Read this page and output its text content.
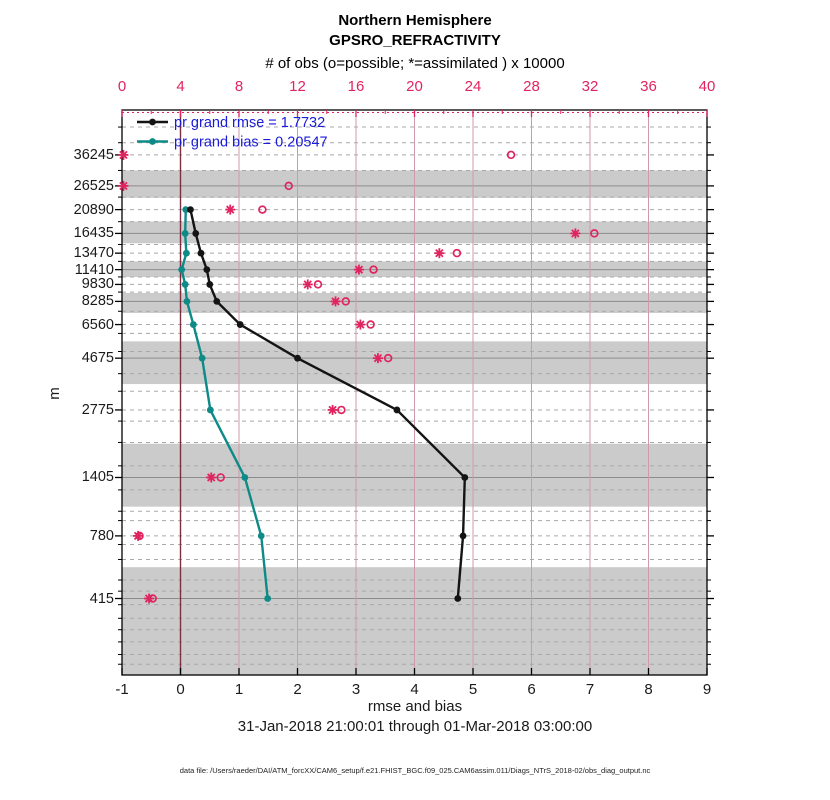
pr grand rmse = 1.7732
pr grand bias = 0.20547
Northern Hemisphere
GPSRO_REFRACTIVITY
# of obs (o=possible; *=assimilated ) x 10000
m
rmse and bias
31-Jan-2018 21:00:01 through 01-Mar-2018 03:00:00
data file: /Users/raeder/DAI/ATM_forcXX/CAM6_setup/f.e21.FHIST_BGC.f09_025.CAM6assim.011/Diags_NTrS_2018-02/obs_diag_output.nc
0	4	8	12	16	20	24	28	32	36	40
-1	0	1	2	3	4	5	6	7	8	9
36245
26525
20890
16435
13470
11410
9830
8285
6560
4675
2775
1405
780
415
